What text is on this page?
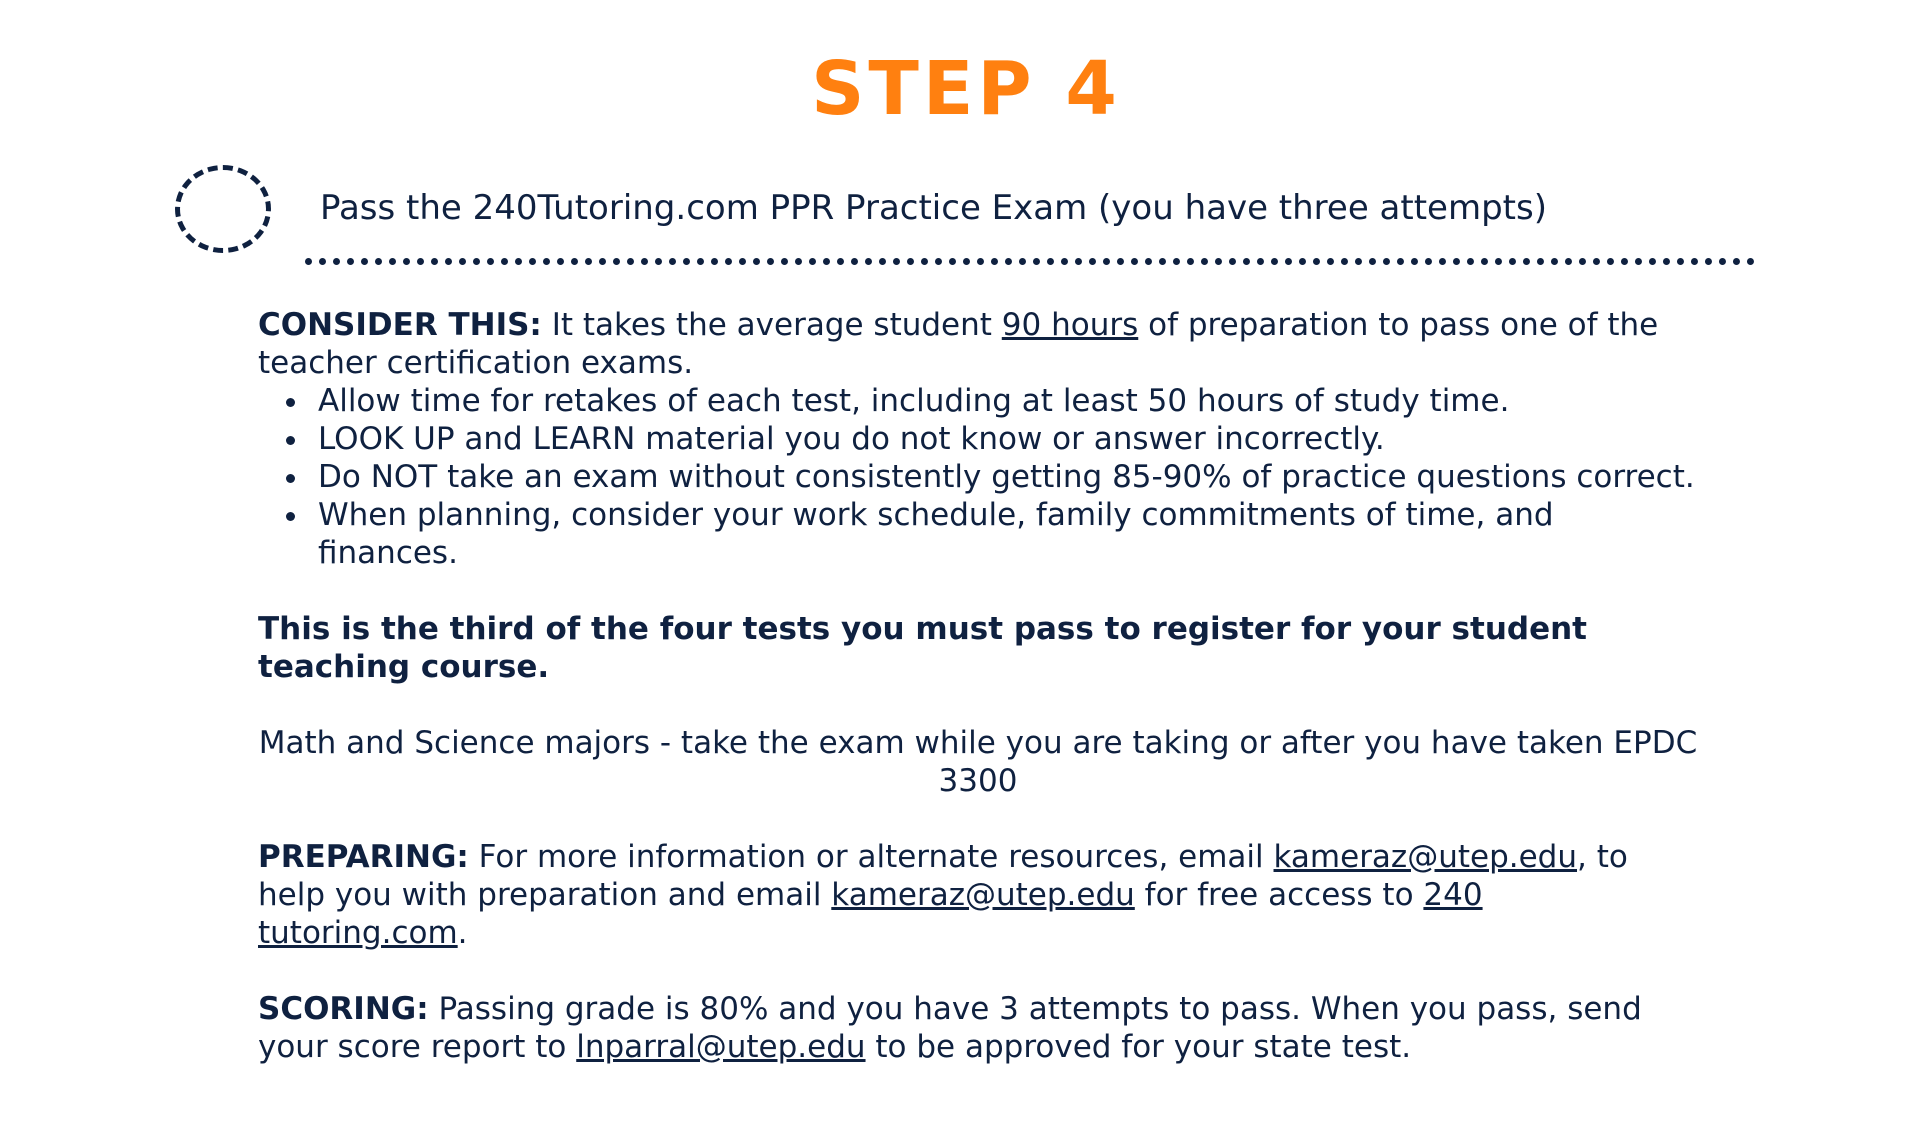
STEP 4
Pass the 240Tutoring.com PPR Practice Exam (you have three attempts)

CONSIDER THIS: It takes the average student 90 hours of preparation to pass one of the teacher certification exams.

Allow time for retakes of each test, including at least 50 hours of study time.
LOOK UP and LEARN material you do not know or answer incorrectly.
Do NOT take an exam without consistently getting 85-90% of practice questions correct.
When planning, consider your work schedule, family commitments of time, and finances.

This is the third of the four tests you must pass to register for your student teaching course.

Math and Science majors - take the exam while you are taking or after you have taken EPDC 3300

PREPARING: For more information or alternate resources, email kameraz@utep.edu, to help you with preparation and email kameraz@utep.edu for free access to 240 tutoring.com.

SCORING: Passing grade is 80% and you have 3 attempts to pass. When you pass, send your score report to lnparral@utep.edu to be approved for your state test.
